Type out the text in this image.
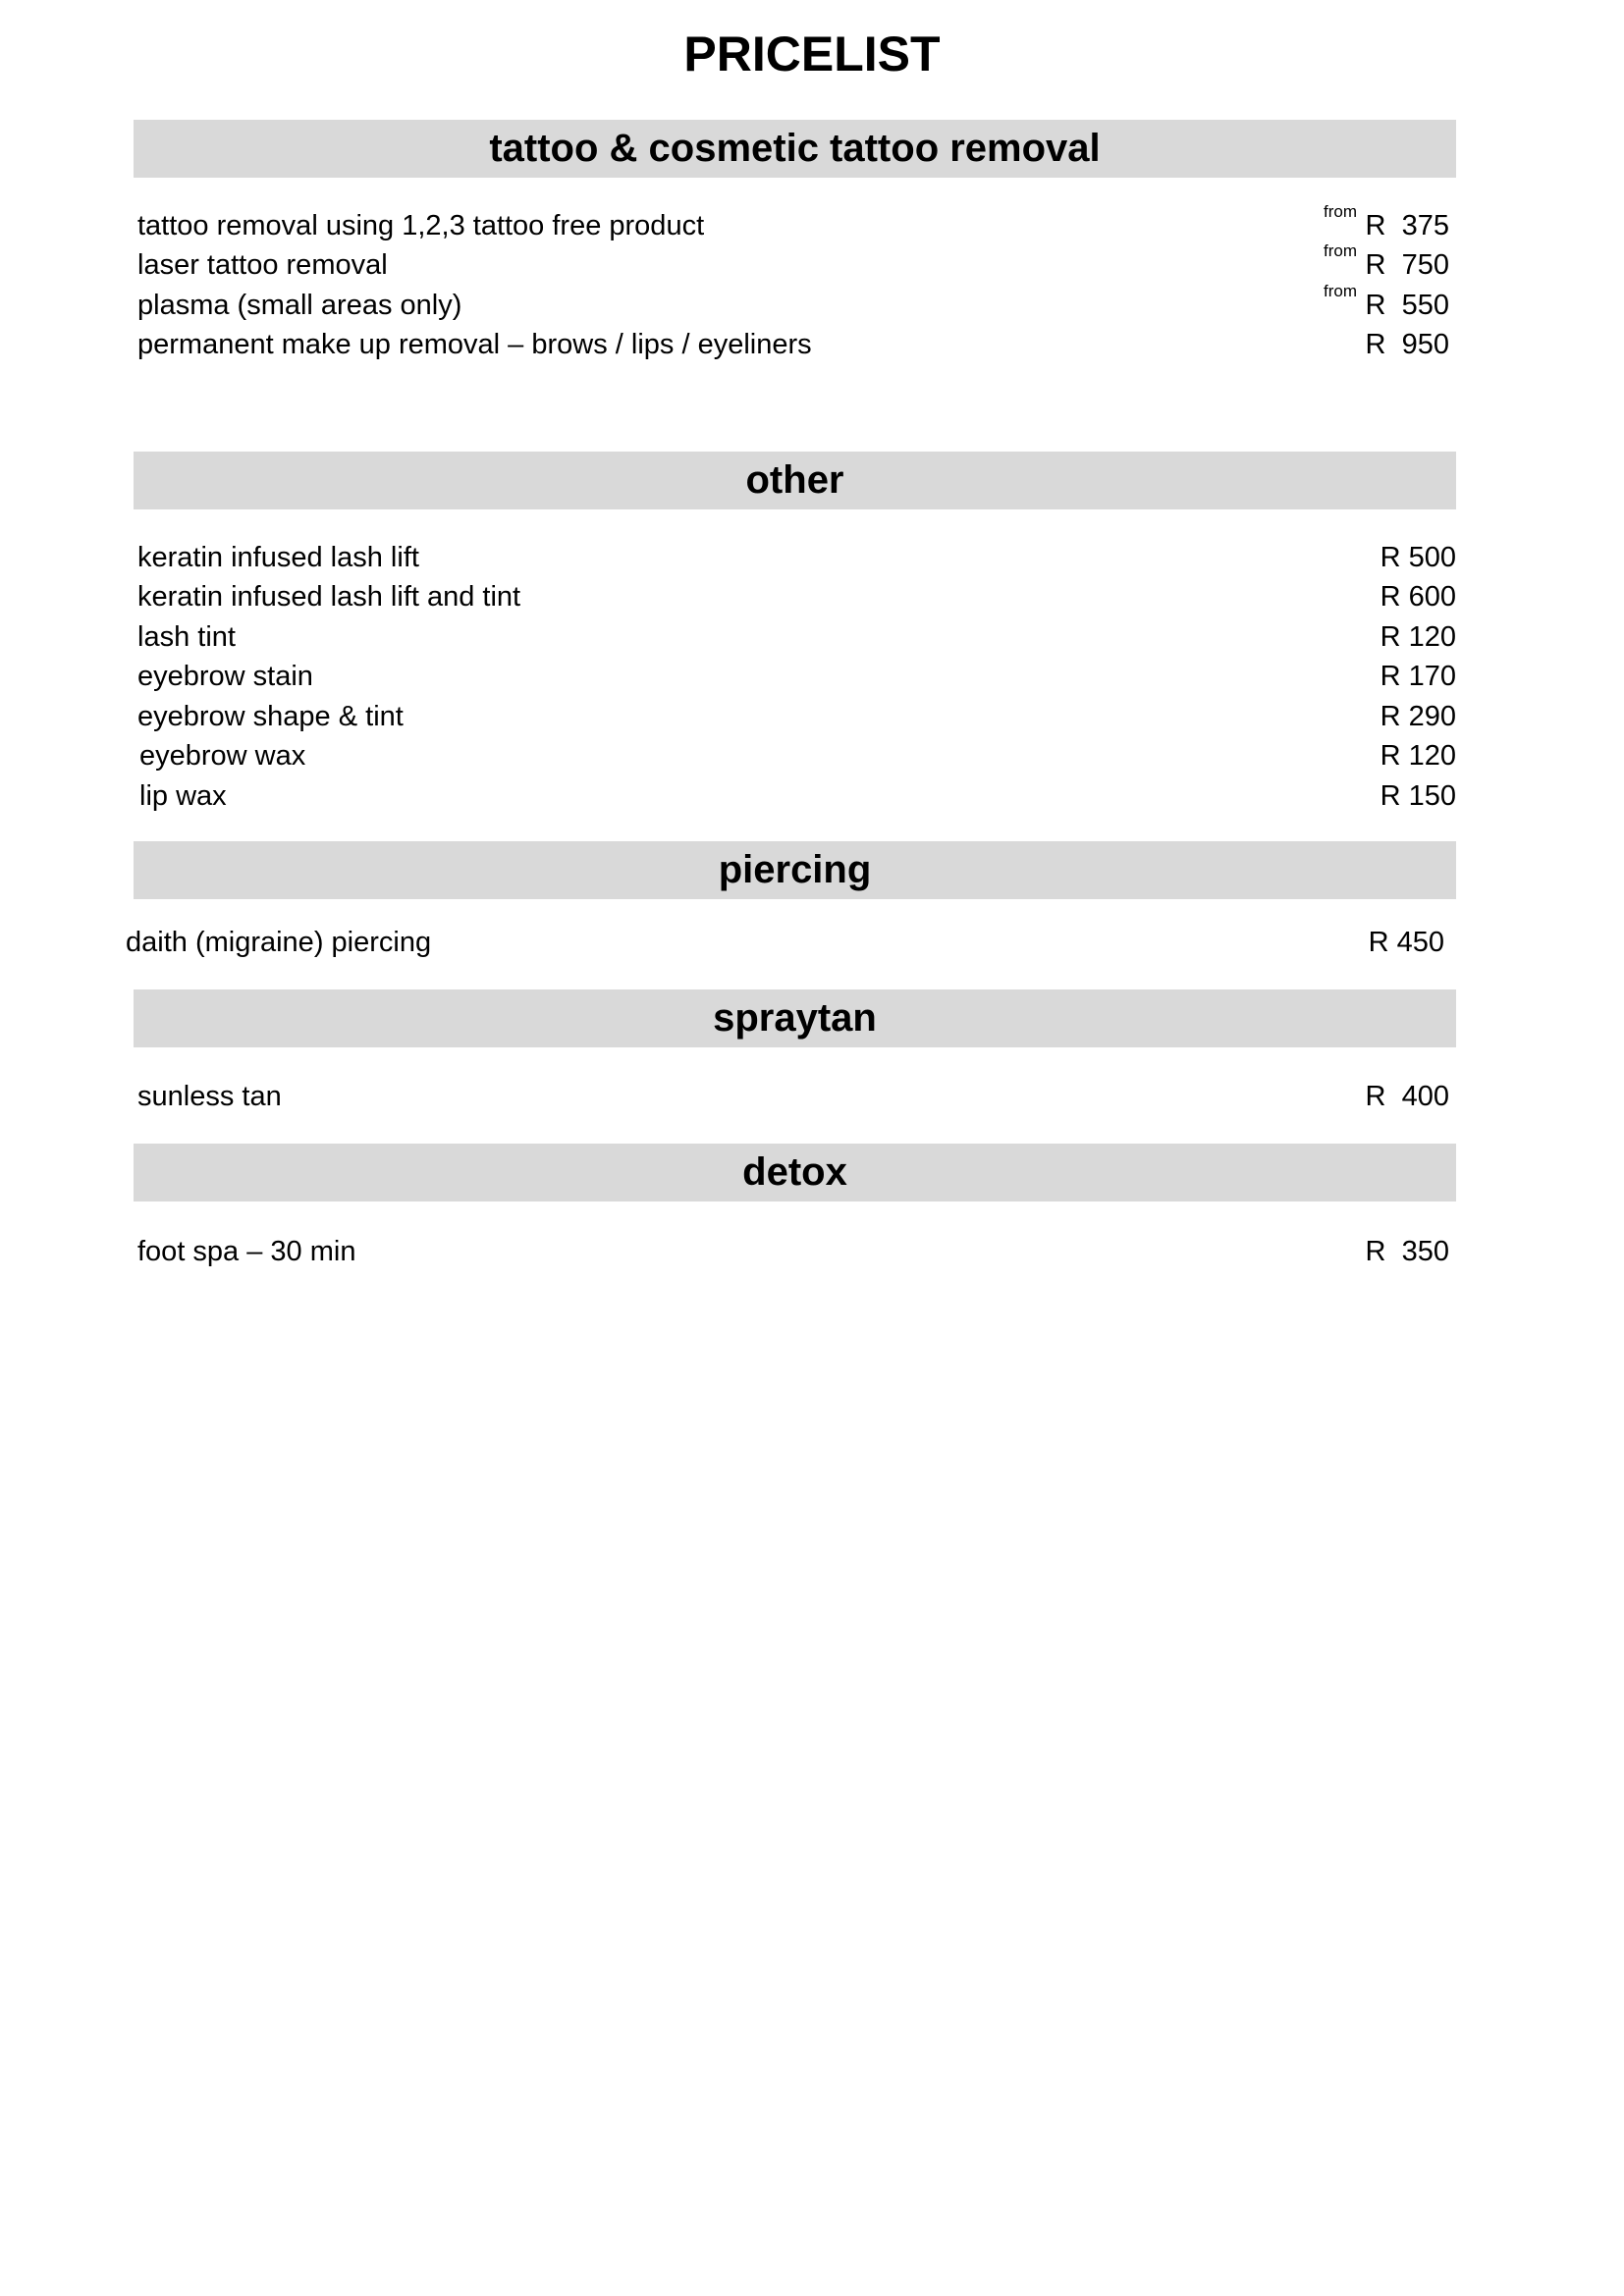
PRICELIST
tattoo & cosmetic tattoo removal
tattoo removal using 1,2,3 tattoo free product	from R  375
laser tattoo removal	from R  750
plasma (small areas only)	from R  550
permanent make up removal – brows / lips / eyeliners	R  950
other
keratin infused lash lift	R 500
keratin infused lash lift and tint	R 600
lash tint	R 120
eyebrow stain	R 170
eyebrow shape & tint	R 290
eyebrow wax	R 120
lip wax	R 150
piercing
daith (migraine) piercing	R 450
spraytan
sunless tan	R  400
detox
foot spa – 30 min	R  350
